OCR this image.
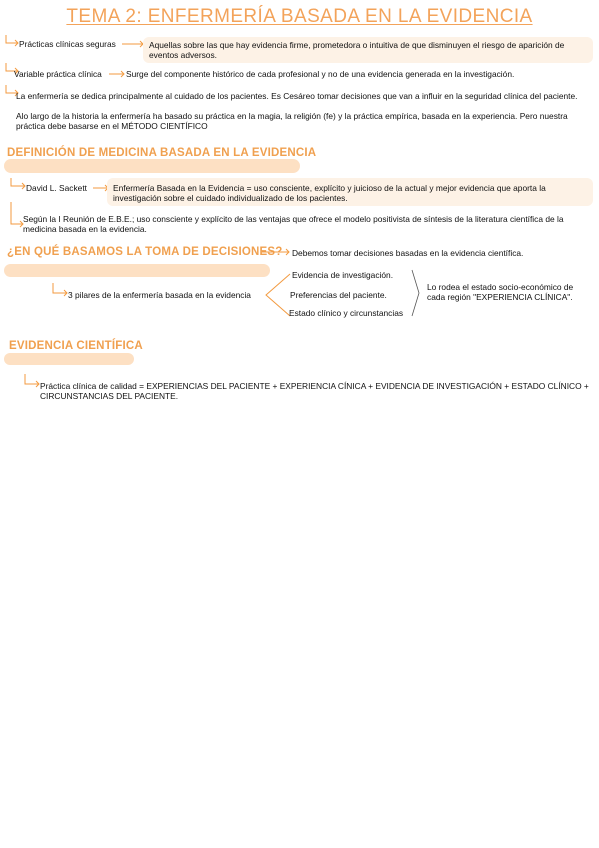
TEMA 2: ENFERMERÍA BASADA EN LA EVIDENCIA
Prácticas clínicas seguras	Aquellas sobre las que hay evidencia firme, prometedora o intuitiva de que disminuyen el riesgo de aparición de eventos adversos.
Variable práctica clínica	Surge del componente histórico de cada profesional y no de una evidencia generada en la investigación.
La enfermería se dedica principalmente al cuidado de los pacientes. Es Cesáreo tomar decisiones que van a influir en la seguridad clínica del paciente.
Alo largo de la historia la enfermería ha basado su práctica en la magia, la religión (fe) y la práctica empírica, basada en la experiencia. Pero nuestra práctica debe basarse en el MÉTODO CIENTÍFICO
DEFINICIÓN DE MEDICINA BASADA EN LA EVIDENCIA
David L. Sackett	Enfermería Basada en la Evidencia = uso consciente, explícito y juicioso de la actual y mejor evidencia que aporta la investigación sobre el cuidado individualizado de los pacientes.
Según la I Reunión de E.B.E.; uso consciente y explícito de las ventajas que ofrece el modelo positivista de síntesis de la literatura científica de la medicina basada en la evidencia.
¿EN QUÉ BASAMOS LA TOMA DE DECISIONES? Debemos tomar decisiones basadas en la evidencia científica.
3 pilares de la enfermería basada en la evidencia
Evidencia de investigación.
Preferencias del paciente.
Estado clínico y circunstancias
Lo rodea el estado socio-económico de cada región "EXPERIENCIA CLÍNICA".
EVIDENCIA CIENTÍFICA
Práctica clínica de calidad = EXPERIENCIAS DEL PACIENTE + EXPERIENCIA CÍNICA + EVIDENCIA DE INVESTIGACIÓN + ESTADO CLÍNICO + CIRCUNSTANCIAS DEL PACIENTE.
